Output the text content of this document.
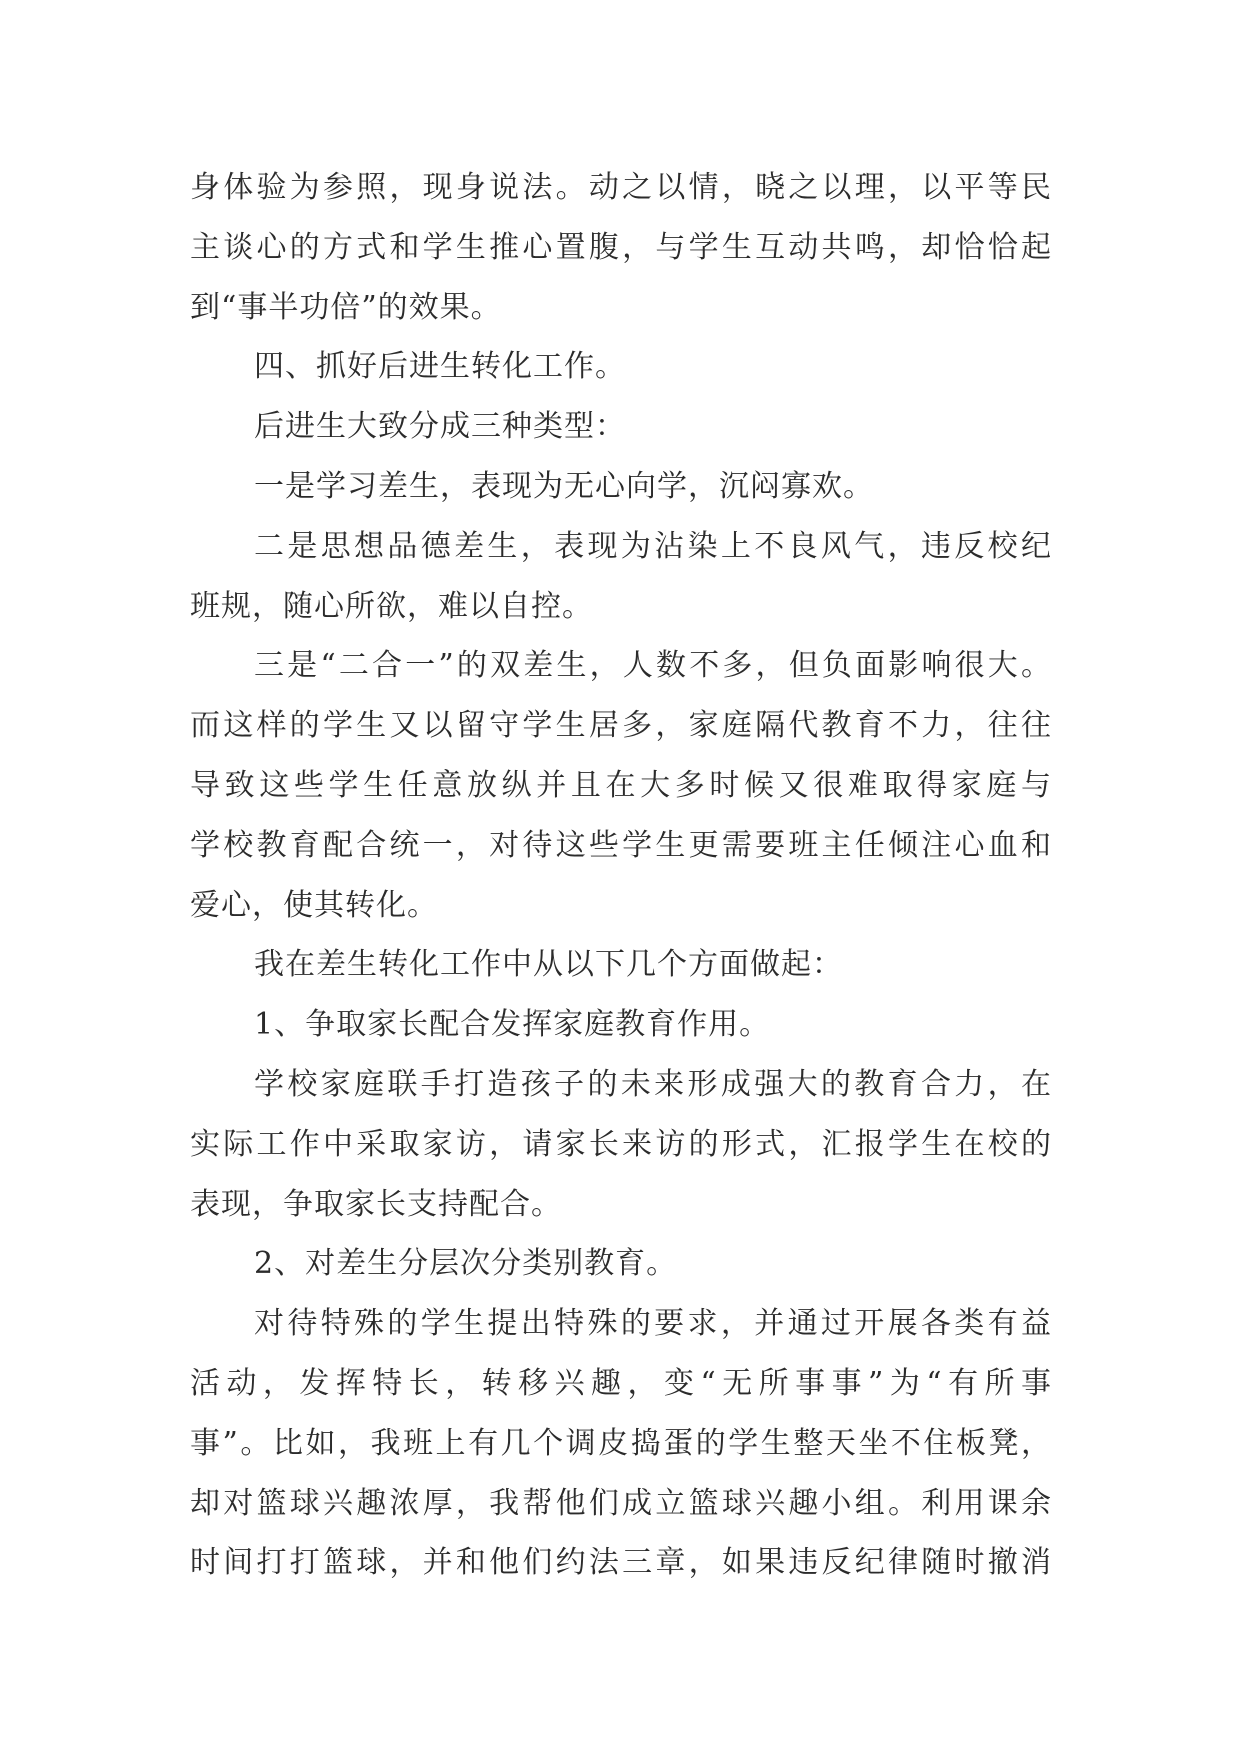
身体验为参照，现身说法。动之以情，晓之以理，以平等民
主谈心的方式和学生推心置腹，与学生互动共鸣，却恰恰起
到“事半功倍”的效果。
四、抓好后进生转化工作。
后进生大致分成三种类型：
一是学习差生，表现为无心向学，沉闷寡欢。
二是思想品德差生，表现为沾染上不良风气，违反校纪
班规，随心所欲，难以自控。
三是“二合一”的双差生，人数不多，但负面影响很大。
而这样的学生又以留守学生居多，家庭隔代教育不力，往往
导致这些学生任意放纵并且在大多时候又很难取得家庭与
学校教育配合统一，对待这些学生更需要班主任倾注心血和
爱心，使其转化。
我在差生转化工作中从以下几个方面做起：
1、争取家长配合发挥家庭教育作用。
学校家庭联手打造孩子的未来形成强大的教育合力，在
实际工作中采取家访，请家长来访的形式，汇报学生在校的
表现，争取家长支持配合。
2、对差生分层次分类别教育。
对待特殊的学生提出特殊的要求，并通过开展各类有益
活动，发挥特长，转移兴趣，变“无所事事”为“有所事
事”。比如，我班上有几个调皮捣蛋的学生整天坐不住板凳，
却对篮球兴趣浓厚，我帮他们成立篮球兴趣小组。利用课余
时间打打篮球，并和他们约法三章，如果违反纪律随时撤消
